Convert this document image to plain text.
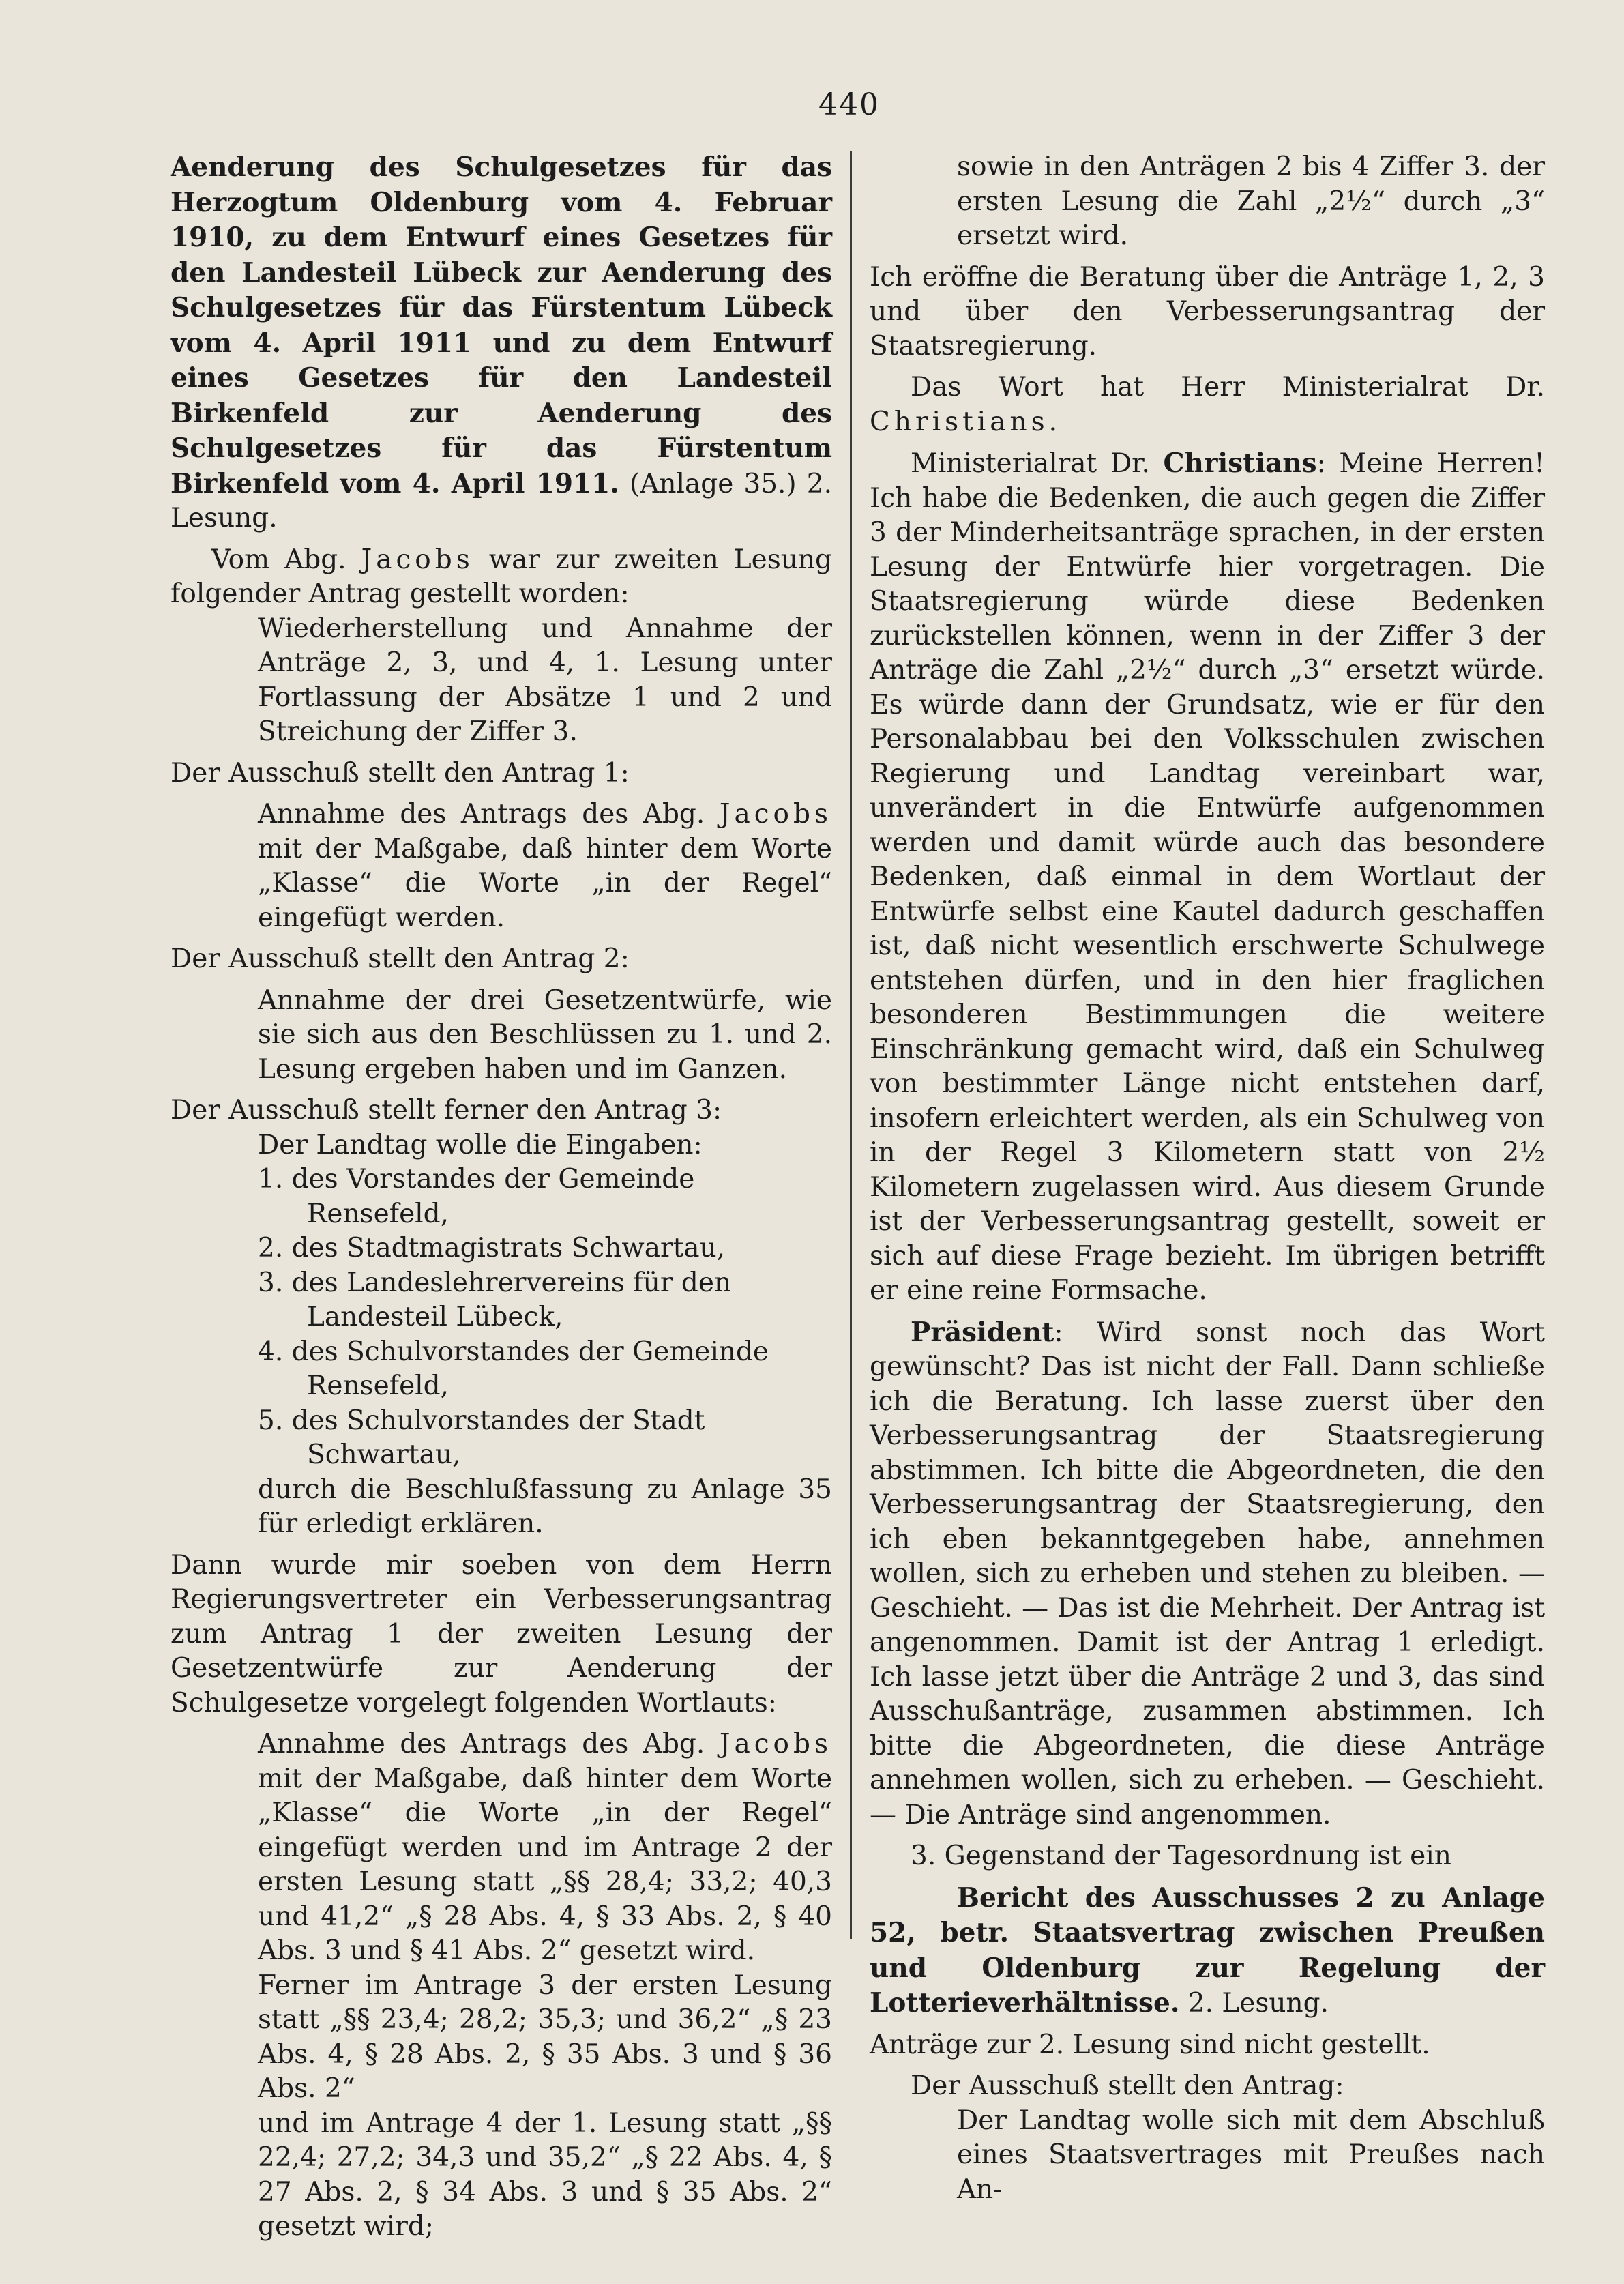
440

Aenderung des Schulgesetzes für das Herzogtum Oldenburg vom 4. Februar 1910, zu dem Entwurf eines Gesetzes für den Landesteil Lübeck zur Aenderung des Schulgesetzes für das Fürstentum Lübeck vom 4. April 1911 und zu dem Entwurf eines Gesetzes für den Landesteil Birkenfeld zur Aenderung des Schulgesetzes für das Fürstentum Birkenfeld vom 4. April 1911. (Anlage 35.) 2. Lesung.

Vom Abg. Jacobs war zur zweiten Lesung folgender Antrag gestellt worden:

Wiederherstellung und Annahme der Anträge 2, 3, und 4, 1. Lesung unter Fortlassung der Absätze 1 und 2 und Streichung der Ziffer 3.

Der Ausschuß stellt den Antrag 1:

Annahme des Antrags des Abg. Jacobs mit der Maßgabe, daß hinter dem Worte „Klasse“ die Worte „in der Regel“ eingefügt werden.

Der Ausschuß stellt den Antrag 2:

Annahme der drei Gesetzentwürfe, wie sie sich aus den Beschlüssen zu 1. und 2. Lesung ergeben haben und im Ganzen.

Der Ausschuß stellt ferner den Antrag 3:

Der Landtag wolle die Eingaben:

1. des Vorstandes der Gemeinde Rensefeld,

2. des Stadtmagistrats Schwartau,

3. des Landeslehrervereins für den Landesteil Lübeck,

4. des Schulvorstandes der Gemeinde Rensefeld,

5. des Schulvorstandes der Stadt Schwartau,

durch die Beschlußfassung zu Anlage 35 für erledigt erklären.

Dann wurde mir soeben von dem Herrn Regierungsvertreter ein Verbesserungsantrag zum Antrag 1 der zweiten Lesung der Gesetzentwürfe zur Aenderung der Schulgesetze vorgelegt folgenden Wortlauts:

Annahme des Antrags des Abg. Jacobs mit der Maßgabe, daß hinter dem Worte „Klasse“ die Worte „in der Regel“ eingefügt werden und im Antrage 2 der ersten Lesung statt „§§ 28,4; 33,2; 40,3 und 41,2“ „§ 28 Abs. 4, § 33 Abs. 2, § 40 Abs. 3 und § 41 Abs. 2“ gesetzt wird.

Ferner im Antrage 3 der ersten Lesung statt „§§ 23,4; 28,2; 35,3; und 36,2“ „§ 23 Abs. 4, § 28 Abs. 2, § 35 Abs. 3 und § 36 Abs. 2“

und im Antrage 4 der 1. Lesung statt „§§ 22,4; 27,2; 34,3 und 35,2“ „§ 22 Abs. 4, § 27 Abs. 2, § 34 Abs. 3 und § 35 Abs. 2“ gesetzt wird;

sowie in den Anträgen 2 bis 4 Ziffer 3. der ersten Lesung die Zahl „2½“ durch „3“ ersetzt wird.

Ich eröffne die Beratung über die Anträge 1, 2, 3 und über den Verbesserungsantrag der Staatsregierung.

Das Wort hat Herr Ministerialrat Dr. Christians.

Ministerialrat Dr. Christians: Meine Herren! Ich habe die Bedenken, die auch gegen die Ziffer 3 der Minderheitsanträge sprachen, in der ersten Lesung der Entwürfe hier vorgetragen. Die Staatsregierung würde diese Bedenken zurückstellen können, wenn in der Ziffer 3 der Anträge die Zahl „2½“ durch „3“ ersetzt würde. Es würde dann der Grundsatz, wie er für den Personalabbau bei den Volksschulen zwischen Regierung und Landtag vereinbart war, unverändert in die Entwürfe aufgenommen werden und damit würde auch das besondere Bedenken, daß einmal in dem Wortlaut der Entwürfe selbst eine Kautel dadurch geschaffen ist, daß nicht wesentlich erschwerte Schulwege entstehen dürfen, und in den hier fraglichen besonderen Bestimmungen die weitere Einschränkung gemacht wird, daß ein Schulweg von bestimmter Länge nicht entstehen darf, insofern erleichtert werden, als ein Schulweg von in der Regel 3 Kilometern statt von 2½ Kilometern zugelassen wird. Aus diesem Grunde ist der Verbesserungsantrag gestellt, soweit er sich auf diese Frage bezieht. Im übrigen betrifft er eine reine Formsache.

Präsident: Wird sonst noch das Wort gewünscht? Das ist nicht der Fall. Dann schließe ich die Beratung. Ich lasse zuerst über den Verbesserungsantrag der Staatsregierung abstimmen. Ich bitte die Abgeordneten, die den Verbesserungsantrag der Staatsregierung, den ich eben bekanntgegeben habe, annehmen wollen, sich zu erheben und stehen zu bleiben. — Geschieht. — Das ist die Mehrheit. Der Antrag ist angenommen. Damit ist der Antrag 1 erledigt. Ich lasse jetzt über die Anträge 2 und 3, das sind Ausschußanträge, zusammen abstimmen. Ich bitte die Abgeordneten, die diese Anträge annehmen wollen, sich zu erheben. — Geschieht. — Die Anträge sind angenommen.

3. Gegenstand der Tagesordnung ist ein

Bericht des Ausschusses 2 zu Anlage 52, betr. Staatsvertrag zwischen Preußen und Oldenburg zur Regelung der Lotterieverhältnisse. 2. Lesung.

Anträge zur 2. Lesung sind nicht gestellt.

Der Ausschuß stellt den Antrag:

Der Landtag wolle sich mit dem Abschluß eines Staatsvertrages mit Preußes nach An-
